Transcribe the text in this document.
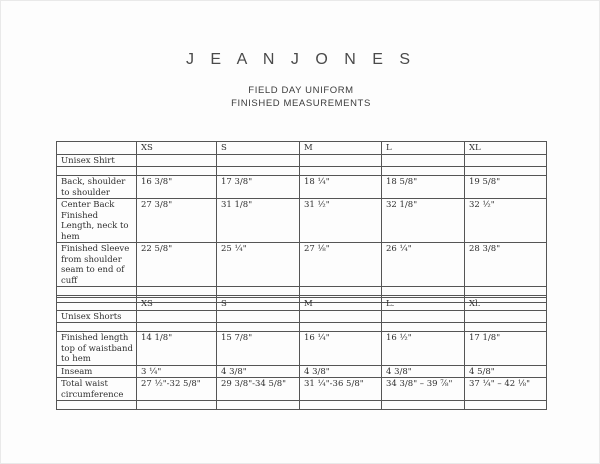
J E A N J O N E S
FIELD DAY UNIFORM
FINISHED MEASUREMENTS
	XS	S	M	L	XL
Unisex Shirt					

Back, shoulder to shoulder	16 3/8"	17 3/8"	18 ¼"	18 5/8"	19 5/8"
Center Back Finished Length, neck to hem	27 3/8"	31 1/8"	31 ½"	32 1/8"	32 ½"
Finished Sleeve from shoulder seam to end of cuff	22 5/8"	25 ¼"	27 ⅛"	26 ¼"	28 3/8"

	XS	S	M	L.	Xl.
Unisex Shorts					

Finished length top of waistband to hem	14 1/8"	15 7/8"	16 ¼"	16 ½"	17 1/8"
Inseam	3 ¼"	4 3/8"	4 3/8"	4 3/8"	4 5/8"
Total waist circumference	27 ½"-32 5/8"	29 3/8"-34 5/8"	31 ¼"-36 5/8"	34 3/8" – 39 ⅞"	37 ¼" – 42 ⅛"
